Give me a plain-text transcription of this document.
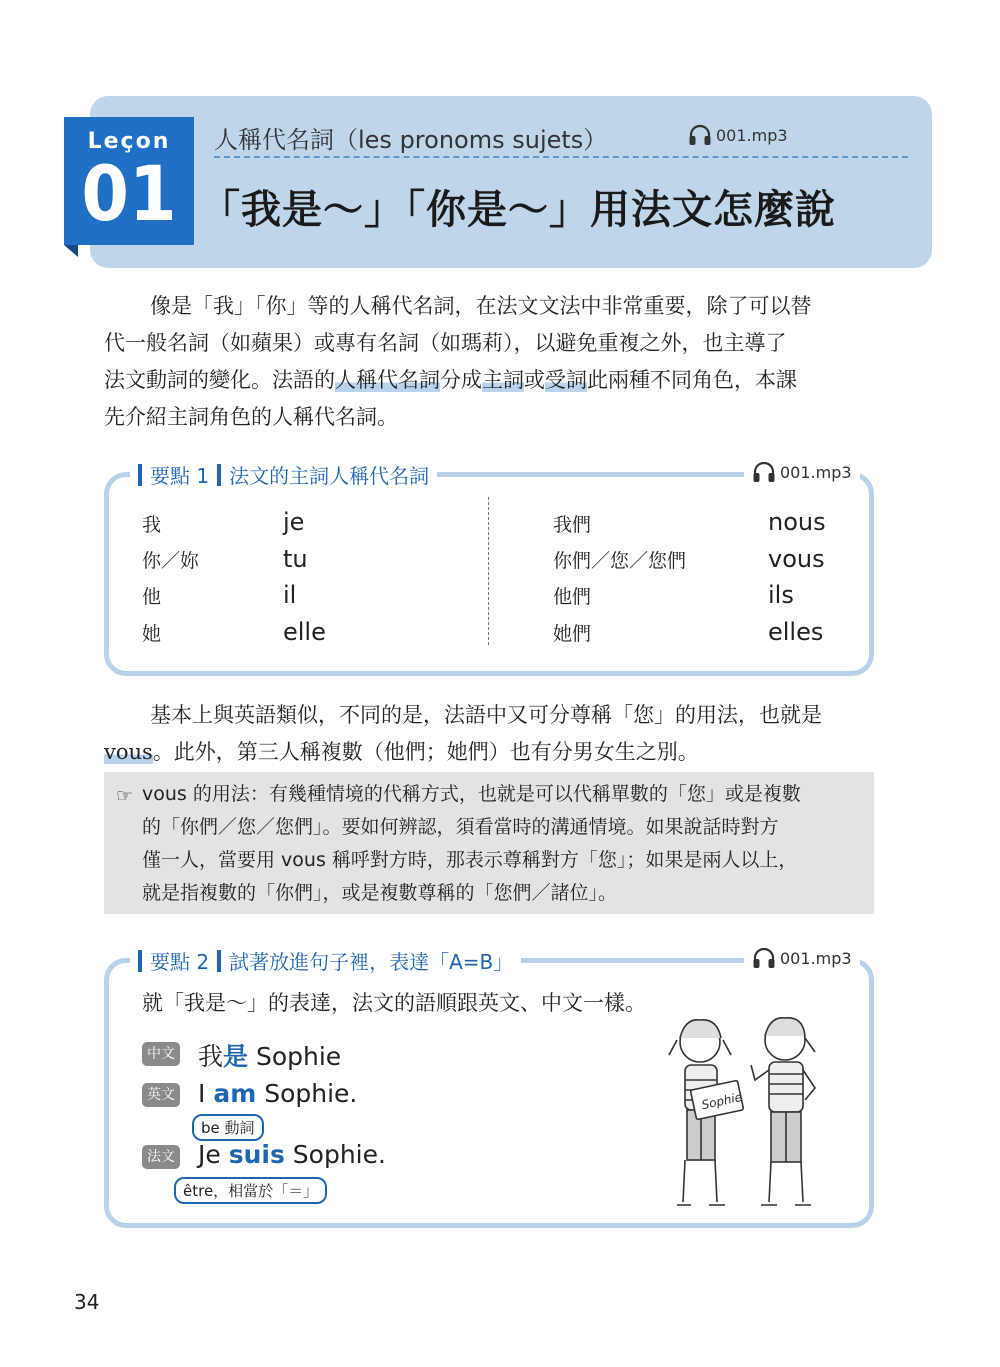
Leçon
01
人稱代名詞（les pronoms sujets）	001.mp3
「我是～」「你是～」用法文怎麼說
像是「我」「你」等的人稱代名詞，在法文文法中非常重要，除了可以替
代一般名詞（如蘋果）或專有名詞（如瑪莉），以避免重複之外，也主導了
法文動詞的變化。法語的人稱代名詞分成主詞或受詞此兩種不同角色，本課
先介紹主詞角色的人稱代名詞。
要點 1 法文的主詞人稱代名詞	001.mp3
我	je
你／妳	tu
他	il
她	elle
我們	nous
你們／您／您們	vous
他們	ils
她們	elles
基本上與英語類似，不同的是，法語中又可分尊稱「您」的用法，也就是
vous。此外，第三人稱複數（他們；她們）也有分男女生之別。
☞ vous 的用法：有幾種情境的代稱方式，也就是可以代稱單數的「您」或是複數
的「你們／您／您們」。要如何辨認，須看當時的溝通情境。如果說話時對方
僅一人，當要用 vous 稱呼對方時，那表示尊稱對方「您」；如果是兩人以上，
就是指複數的「你們」，或是複數尊稱的「您們／諸位」。
要點 2 試著放進句子裡，表達「A=B」	001.mp3
就「我是～」的表達，法文的語順跟英文、中文一樣。
中文 我是 Sophie
英文 I am Sophie.
be 動詞
法文 Je suis Sophie.
être，相當於「＝」
Sophie
34
